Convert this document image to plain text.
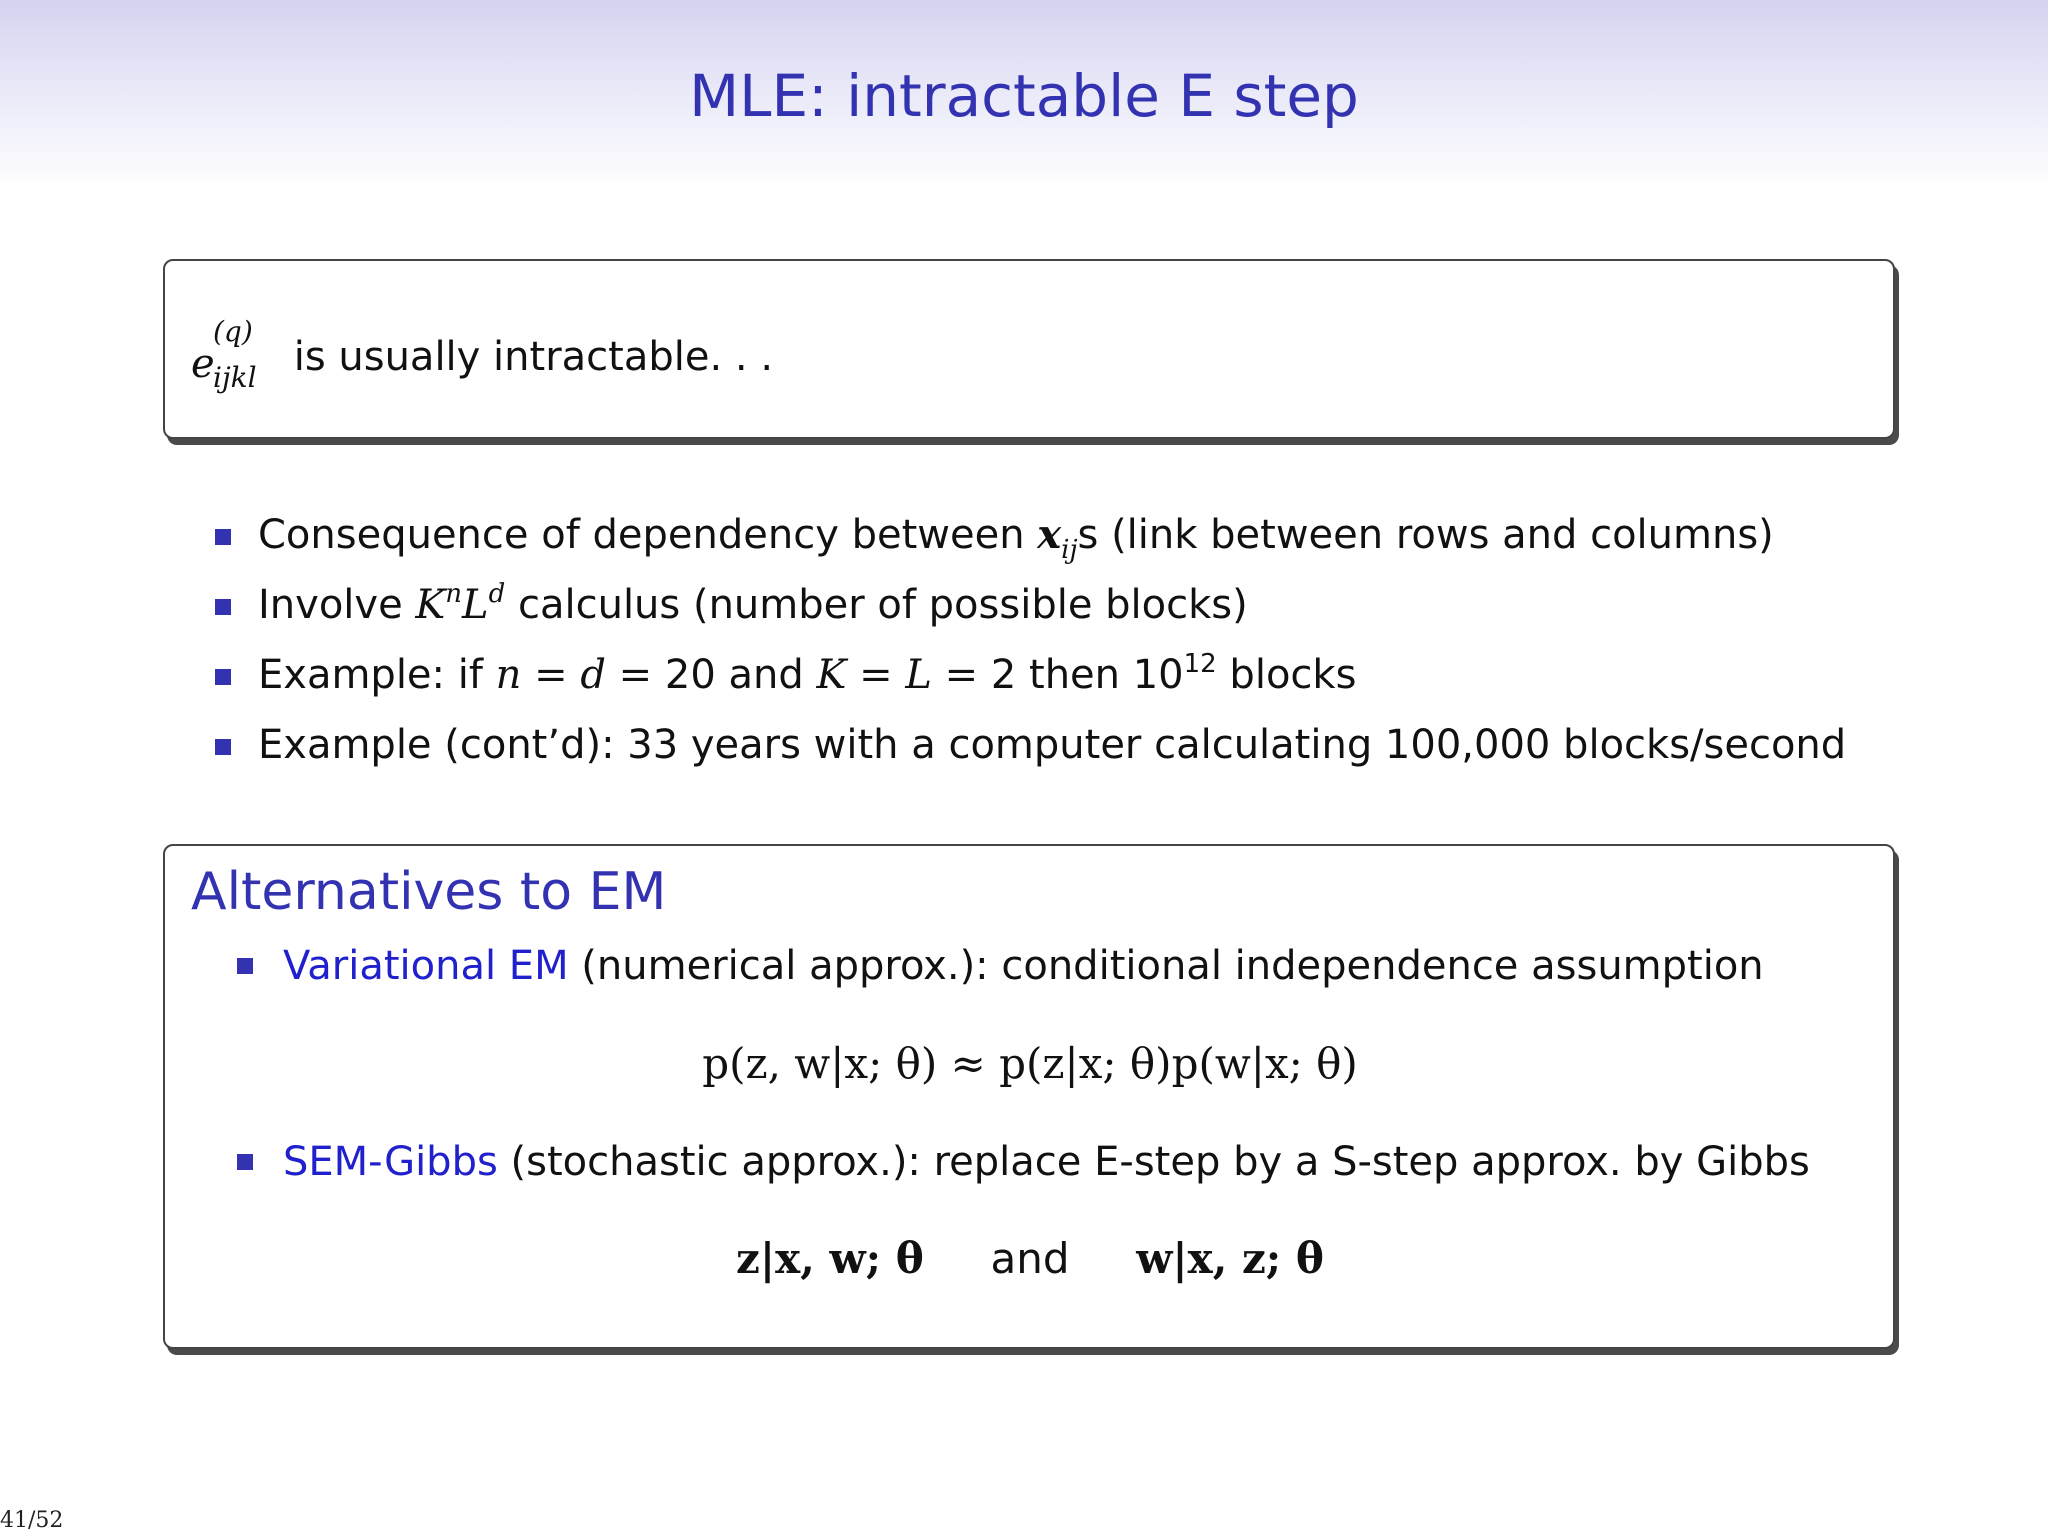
MLE: intractable E step
e
(q)
ijkl is usually intractable. . .
Consequence of dependency between $x_{ij}s$ (link between rows and columns)
Involve $K^nL^d$ calculus (number of possible blocks)
Example: if n = d = 20 and K = L = 2 then $10^{12}$ blocks
Example (cont’d): 33 years with a computer calculating 100,000 blocks/second
Alternatives to EM
Variational EM (numerical approx.): conditional independence assumption
p(z, w|x; θ) ≈ p(z|x; θ)p(w|x; θ)
SEM-Gibbs (stochastic approx.): replace E-step by a S-step approx. by Gibbs
z|x, w; θ and w|x, z; θ
41/52
